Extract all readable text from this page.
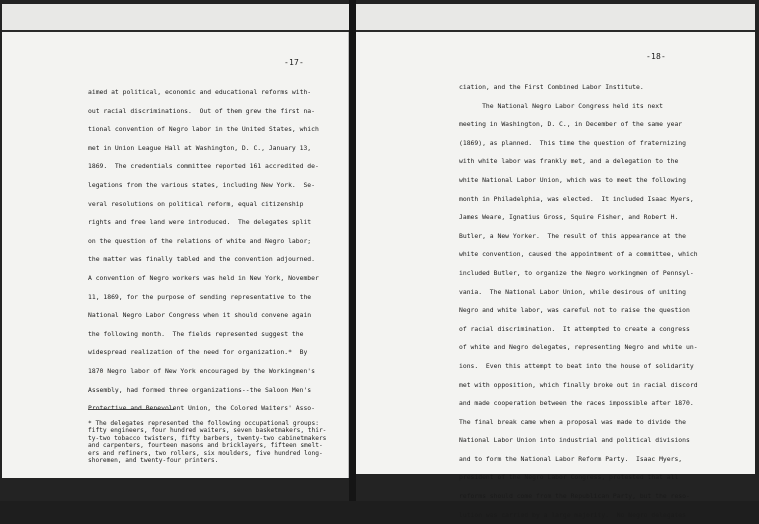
-17-
aimed at political, economic and educational reforms with-
out racial discriminations.  Out of them grew the first na-
tional convention of Negro labor in the United States, which
met in Union League Hall at Washington, D. C., January 13,
1869.  The credentials committee reported 161 accredited de-
legations from the various states, including New York.  Se-
veral resolutions on political reform, equal citizenship
rights and free land were introduced.  The delegates split
on the question of the relations of white and Negro labor;
the matter was finally tabled and the convention adjourned.
A convention of Negro workers was held in New York, November
11, 1869, for the purpose of sending representative to the
National Negro Labor Congress when it should convene again
the following month.  The fields represented suggest the
widespread realization of the need for organization.*  By
1870 Negro labor of New York encouraged by the Workingmen's
Assembly, had formed three organizations--the Saloon Men's
Protective and Benevolent Union, the Colored Waiters' Asso-
* The delegates represented the following occupational groups:
fifty engineers, four hundred waiters, seven basketmakers, thir-
ty-two tobacco twisters, fifty barbers, twenty-two cabinetmakers
and carpenters, fourteen masons and bricklayers, fifteen smelt-
ers and refiners, two rollers, six moulders, five hundred long-
shoremen, and twenty-four printers.
-18-
ciation, and the First Combined Labor Institute.
The National Negro Labor Congress held its next
meeting in Washington, D. C., in December of the same year
(1869), as planned.  This time the question of fraternizing
with white labor was frankly met, and a delegation to the
white National Labor Union, which was to meet the following
month in Philadelphia, was elected.  It included Isaac Myers,
James Weare, Ignatius Gross, Squire Fisher, and Robert H.
Butler, a New Yorker.  The result of this appearance at the
white convention, caused the appointment of a committee, which
included Butler, to organize the Negro workingmen of Pennsyl-
vania.  The National Labor Union, while desirous of uniting
Negro and white labor, was careful not to raise the question
of racial discrimination.  It attempted to create a congress
of white and Negro delegates, representing Negro and white un-
ions.  Even this attempt to beat into the house of solidarity
met with opposition, which finally broke out in racial discord
and made cooperation between the races impossible after 1870.
The final break came when a proposal was made to divide the
National Labor Union into industrial and political divisions
and to form the National Labor Reform Party.  Isaac Myers,
president of the Negro Labor Congress, protested that all
reforms should come from the Republican Party, but the reso-
lution was carried by a large majority.  No Negro delegates
